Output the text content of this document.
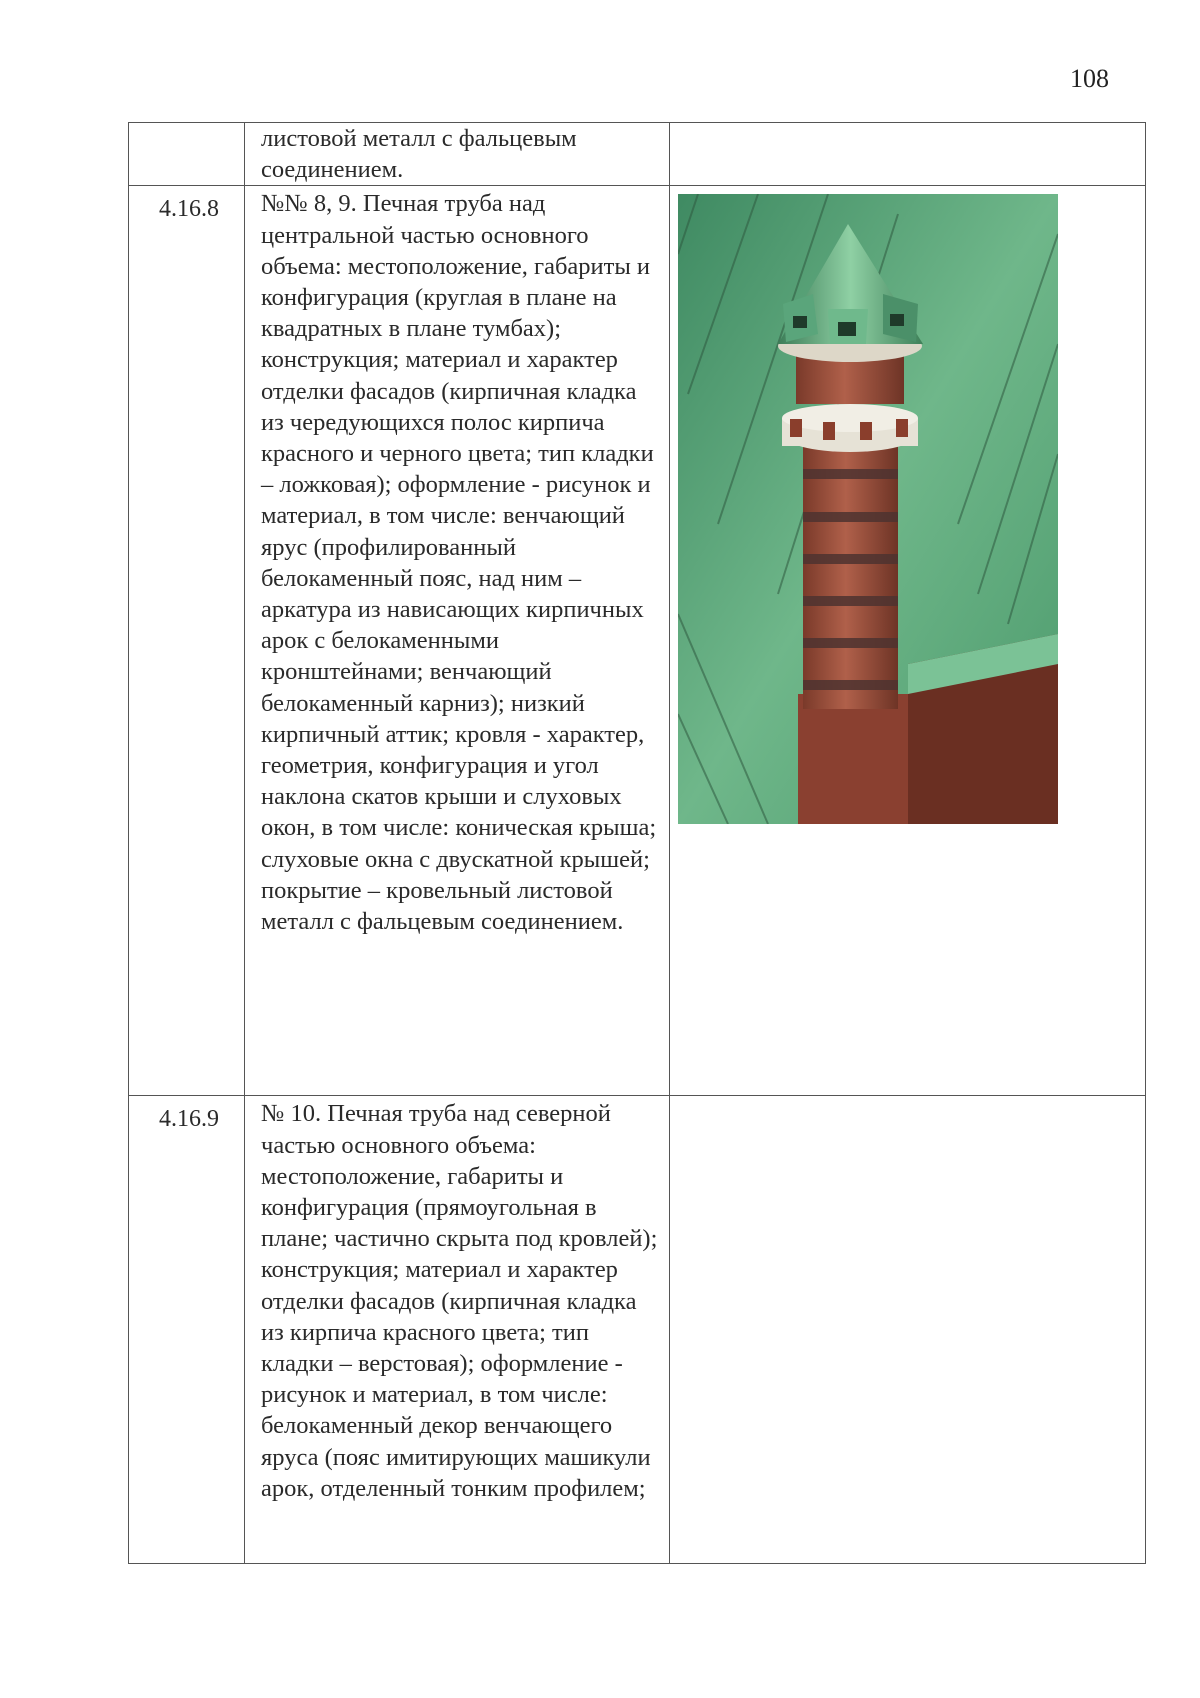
108

	листовой металл с фальцевым соединением.	

4.16.8	№№ 8, 9. Печная труба над центральной частью основного объема: местоположение, габариты и конфигурация (круглая в плане на квадратных в плане тумбах); конструкция; материал и характер отделки фасадов (кирпичная кладка из чередующихся полос кирпича красного и черного цвета; тип кладки – ложковая); оформление - рисунок и материал, в том числе: венчающий ярус (профилированный белокаменный пояс, над ним – аркатура из нависающих кирпичных арок с белокаменными кронштейнами; венчающий белокаменный карниз); низкий кирпичный аттик; кровля - характер, геометрия, конфигурация и угол наклона скатов крыши и слуховых окон, в том числе: коническая крыша; слуховые окна с двускатной крышей; покрытие – кровельный листовой металл с фальцевым соединением.

4.16.9	№ 10. Печная труба над северной частью основного объема: местоположение, габариты и конфигурация (прямоугольная в плане; частично скрыта под кровлей); конструкция; материал и характер отделки фасадов (кирпичная кладка из кирпича красного цвета; тип кладки – верстовая); оформление - рисунок и материал, в том числе: белокаменный декор венчающего яруса (пояс имитирующих машикули арок, отделенный тонким профилем;	
